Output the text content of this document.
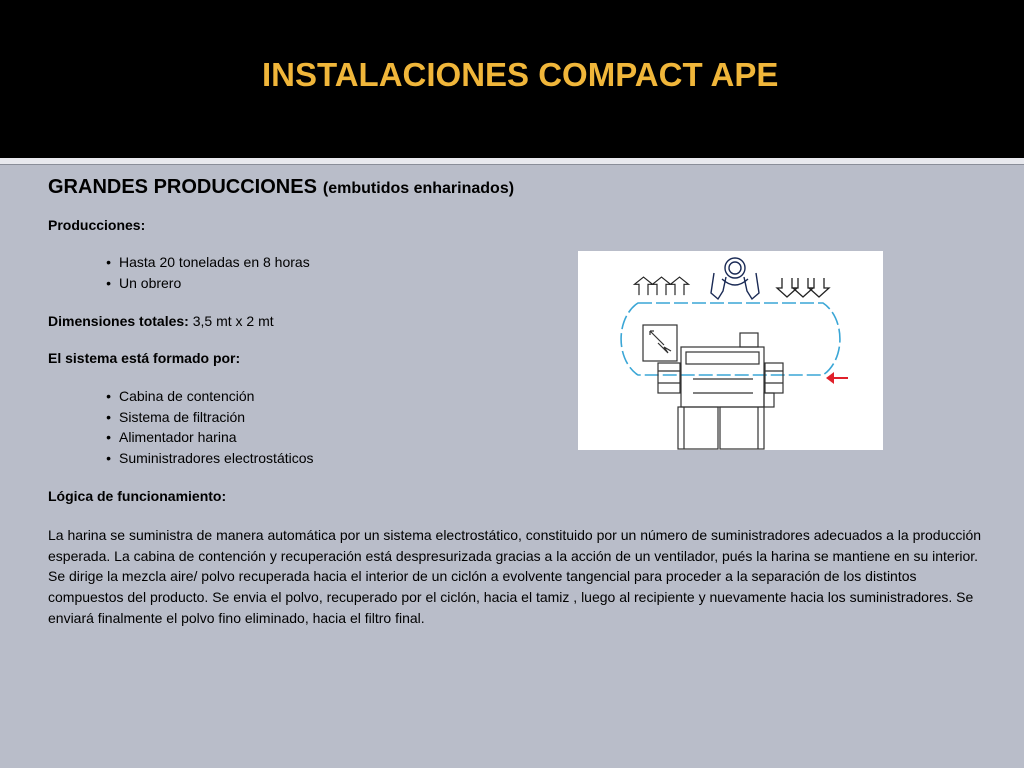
INSTALACIONES COMPACT APE

GRANDES PRODUCCIONES (embutidos enharinados)

Producciones:

• Hasta 20 toneladas en 8 horas
• Un obrero

Dimensiones totales: 3,5 mt x 2 mt

El sistema está formado por:

• Cabina de contención
• Sistema de filtración
• Alimentador harina
• Suministradores electrostáticos

Lógica de funcionamiento:

La harina se suministra de manera automática por un sistema electrostático, constituido por un número de suministradores adecuados a la producción esperada. La cabina de contención y recuperación está despresurizada gracias a la acción de un ventilador, pués la harina se mantiene en su interior. Se dirige la mezcla aire/ polvo recuperada hacia el interior de un ciclón a evolvente tangencial para proceder a la separación de los distintos compuestos del producto. Se envia el polvo, recuperado por el ciclón, hacia el tamiz , luego al recipiente y nuevamente hacia los suministradores. Se enviará finalmente el polvo fino eliminado, hacia el filtro final.
